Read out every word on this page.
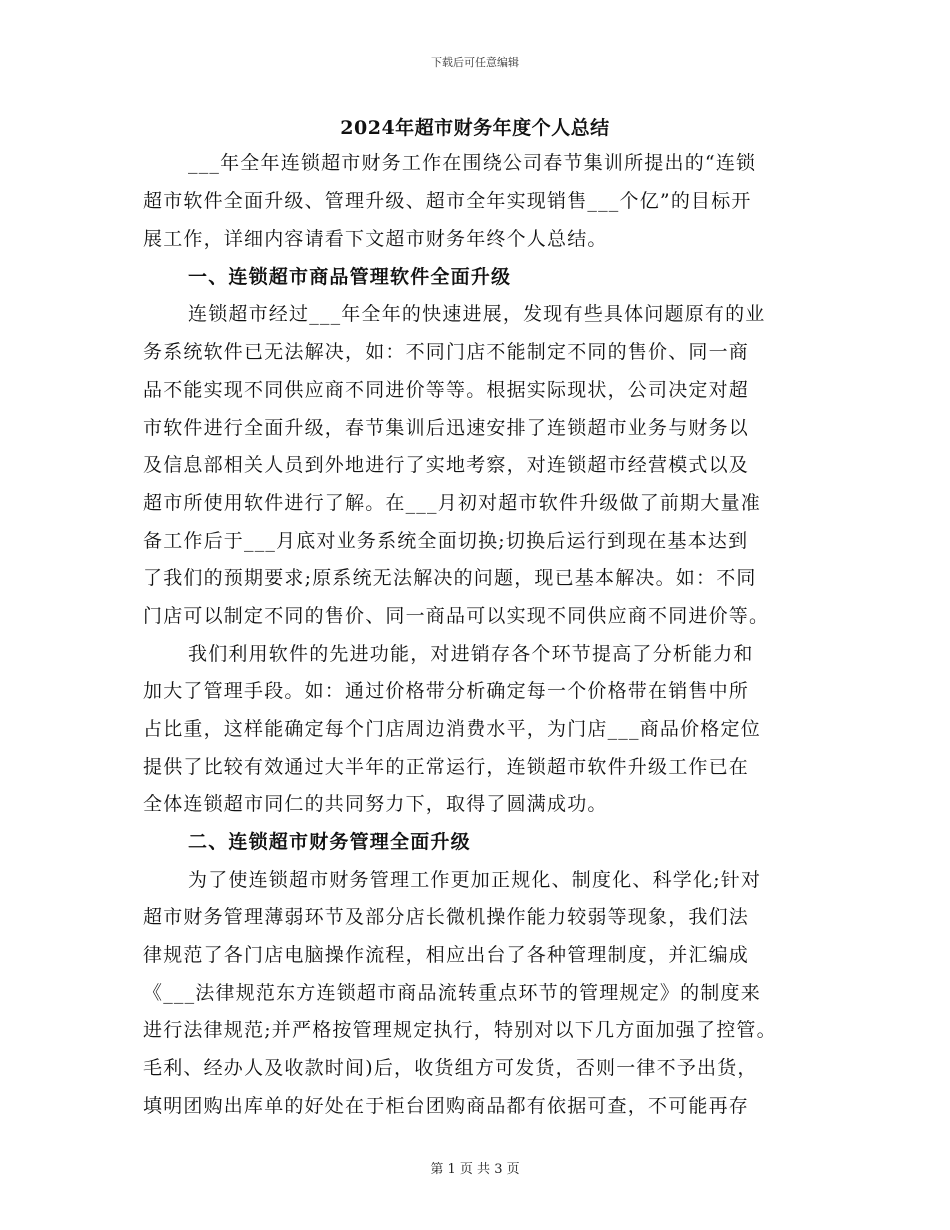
下载后可任意编辑
2024年超市财务年度个人总结
___年全年连锁超市财务工作在围绕公司春节集训所提出的“连锁
超市软件全面升级、管理升级、超市全年实现销售___个亿”的目标开
展工作，详细内容请看下文超市财务年终个人总结。
一、连锁超市商品管理软件全面升级
连锁超市经过___年全年的快速进展，发现有些具体问题原有的业
务系统软件已无法解决，如：不同门店不能制定不同的售价、同一商
品不能实现不同供应商不同进价等等。根据实际现状，公司决定对超
市软件进行全面升级，春节集训后迅速安排了连锁超市业务与财务以
及信息部相关人员到外地进行了实地考察，对连锁超市经营模式以及
超市所使用软件进行了解。在___月初对超市软件升级做了前期大量准
备工作后于___月底对业务系统全面切换;切换后运行到现在基本达到
了我们的预期要求;原系统无法解决的问题，现已基本解决。如：不同
门店可以制定不同的售价、同一商品可以实现不同供应商不同进价等。
我们利用软件的先进功能，对进销存各个环节提高了分析能力和
加大了管理手段。如：通过价格带分析确定每一个价格带在销售中所
占比重，这样能确定每个门店周边消费水平，为门店___商品价格定位
提供了比较有效通过大半年的正常运行，连锁超市软件升级工作已在
全体连锁超市同仁的共同努力下，取得了圆满成功。
二、连锁超市财务管理全面升级
为了使连锁超市财务管理工作更加正规化、制度化、科学化;针对
超市财务管理薄弱环节及部分店长微机操作能力较弱等现象，我们法
律规范了各门店电脑操作流程，相应出台了各种管理制度，并汇编成
《___法律规范东方连锁超市商品流转重点环节的管理规定》的制度来
进行法律规范;并严格按管理规定执行，特别对以下几方面加强了控管。
毛利、经办人及收款时间)后，收货组方可发货，否则一律不予出货，
填明团购出库单的好处在于柜台团购商品都有依据可查，不可能再存
第 1 页 共 3 页
